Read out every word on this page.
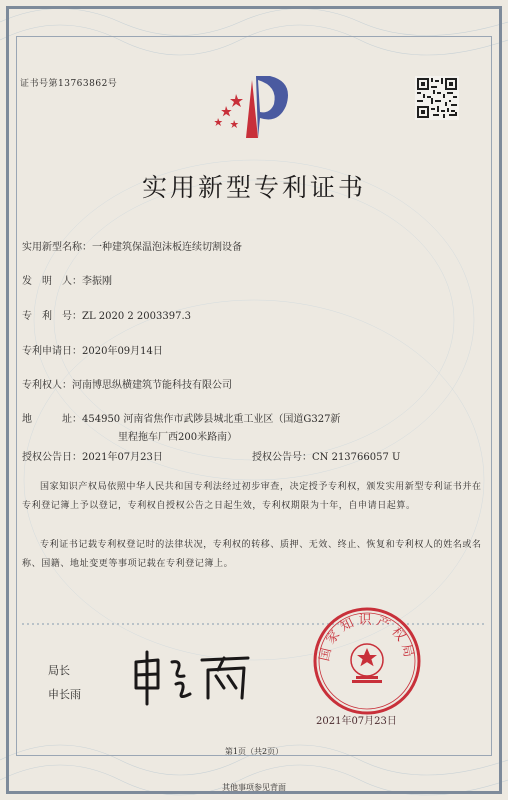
证书号第13763862号
实用新型专利证书
实用新型名称：一种建筑保温泡沫板连续切割设备
发　明　人：李振刚
专　利　号：ZL 2020 2 2003397.3
专利申请日：2020年09月14日
专利权人：河南博思纵横建筑节能科技有限公司
地　　　址：454950 河南省焦作市武陟县城北重工业区（国道G327新
里程拖车厂西200米路南）
授权公告日：2021年07月23日	授权公告号：CN 213766057 U
国家知识产权局依照中华人民共和国专利法经过初步审查，决定授予专利权，颁发实用新型专利证书并在专利登记簿上予以登记，专利权自授权公告之日起生效，专利权期限为十年，自申请日起算。
专利证书记载专利权登记时的法律状况，专利权的转移、质押、无效、终止、恢复和专利权人的姓名或名称、国籍、地址变更等事项记载在专利登记簿上。
局长
申长雨
国家知识产权局
2021年07月23日
第1页（共2页）
其他事项参见背面
